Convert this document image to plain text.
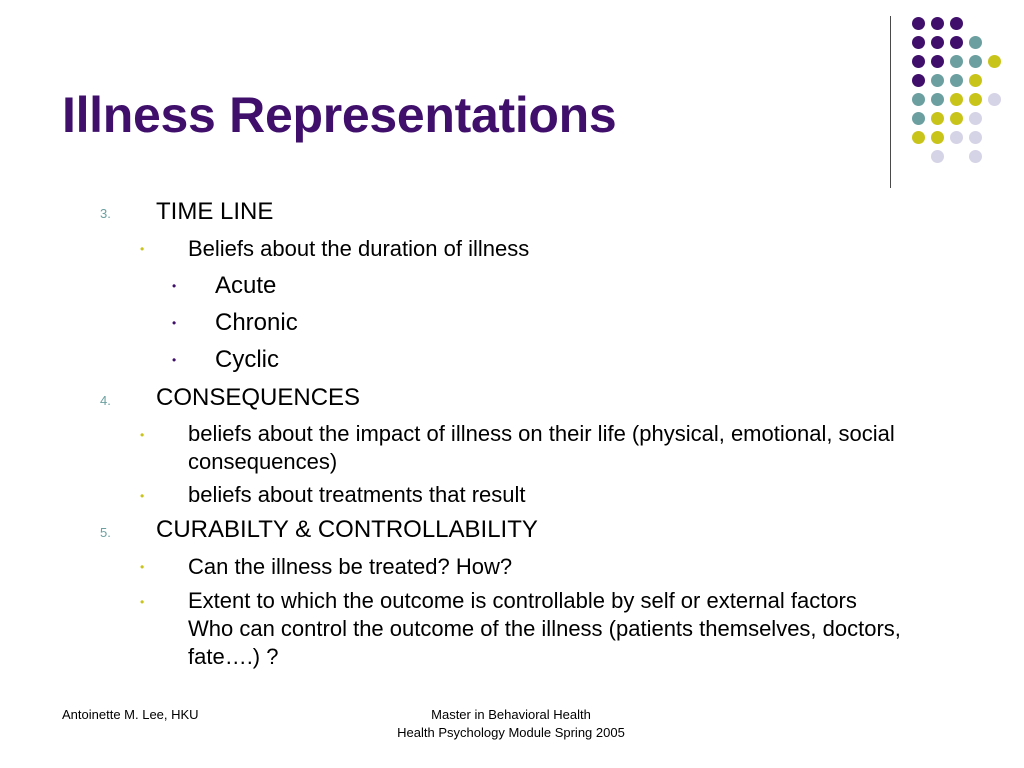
Illness Representations
3. TIME LINE
• Beliefs about the duration of illness
• Acute
• Chronic
• Cyclic
4. CONSEQUENCES
• beliefs about the impact of illness on their life (physical, emotional, social consequences)
• beliefs about treatments that result
5. CURABILTY & CONTROLLABILITY
• Can the illness be treated? How?
• Extent to which the outcome is controllable by self or external factors Who can control the outcome of the illness (patients themselves, doctors, fate….) ?
Antoinette M. Lee, HKU	Master in Behavioral Health
Health Psychology Module Spring 2005
